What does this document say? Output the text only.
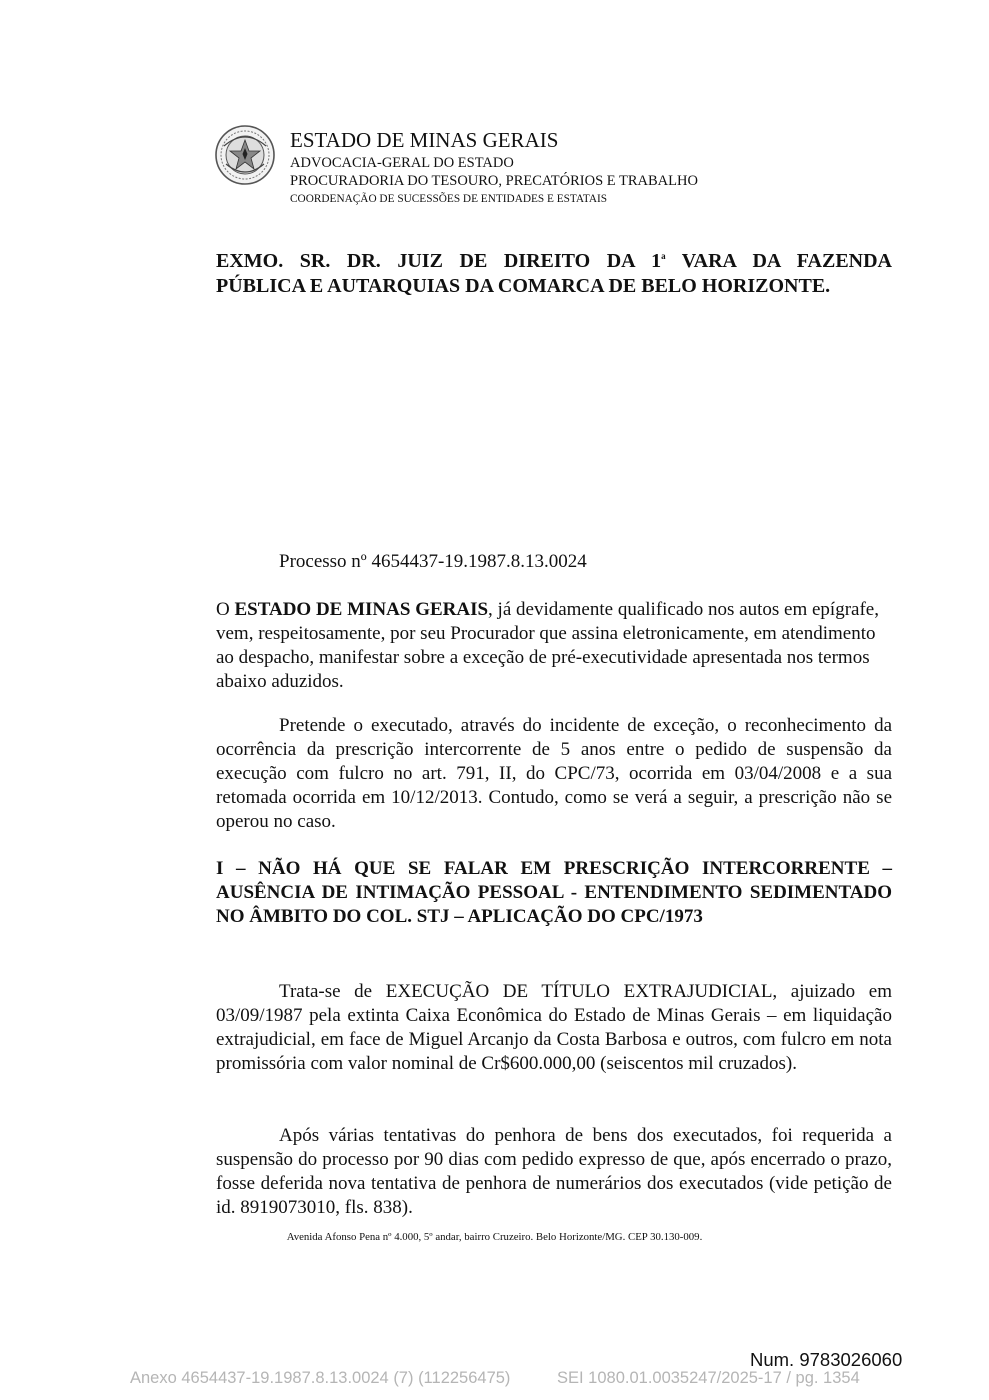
ESTADO DE MINAS GERAIS
ADVOCACIA-GERAL DO ESTADO
PROCURADORIA DO TESOURO, PRECATÓRIOS E TRABALHO
COORDENAÇÃO DE SUCESSÕES DE ENTIDADES E ESTATAIS
EXMO. SR. DR. JUIZ DE DIREITO DA 1$^a$ VARA DA FAZENDA
PÚBLICA E AUTARQUIAS DA COMARCA DE BELO HORIZONTE.
Processo nº 4654437-19.1987.8.13.0024

O ESTADO DE MINAS GERAIS, já devidamente qualificado nos autos em epígrafe, vem, respeitosamente, por seu Procurador que assina eletronicamente, em atendimento ao despacho, manifestar sobre a exceção de pré-executividade apresentada nos termos abaixo aduzidos.

Pretende o executado, através do incidente de exceção, o reconhecimento da ocorrência da prescrição intercorrente de 5 anos entre o pedido de suspensão da execução com fulcro no art. 791, II, do CPC/73, ocorrida em 03/04/2008 e a sua retomada ocorrida em 10/12/2013. Contudo, como se verá a seguir, a prescrição não se operou no caso.

I – NÃO HÁ QUE SE FALAR EM PRESCRIÇÃO INTERCORRENTE – AUSÊNCIA DE INTIMAÇÃO PESSOAL - ENTENDIMENTO SEDIMENTADO NO ÂMBITO DO COL. STJ – APLICAÇÃO DO CPC/1973

Trata-se de EXECUÇÃO DE TÍTULO EXTRAJUDICIAL, ajuizado em 03/09/1987 pela extinta Caixa Econômica do Estado de Minas Gerais – em liquidação extrajudicial, em face de Miguel Arcanjo da Costa Barbosa e outros, com fulcro em nota promissória com valor nominal de Cr$600.000,00 (seiscentos mil cruzados).

Após várias tentativas do penhora de bens dos executados, foi requerida a suspensão do processo por 90 dias com pedido expresso de que, após encerrado o prazo, fosse deferida nova tentativa de penhora de numerários dos executados (vide petição de id. 8919073010, fls. 838).

Avenida Afonso Pena nº 4.000, 5º andar, bairro Cruzeiro. Belo Horizonte/MG. CEP 30.130-009.
Num. 9783026060
Anexo 4654437-19.1987.8.13.0024 (7) (112256475)	SEI 1080.01.0035247/2025-17 / pg. 1354
